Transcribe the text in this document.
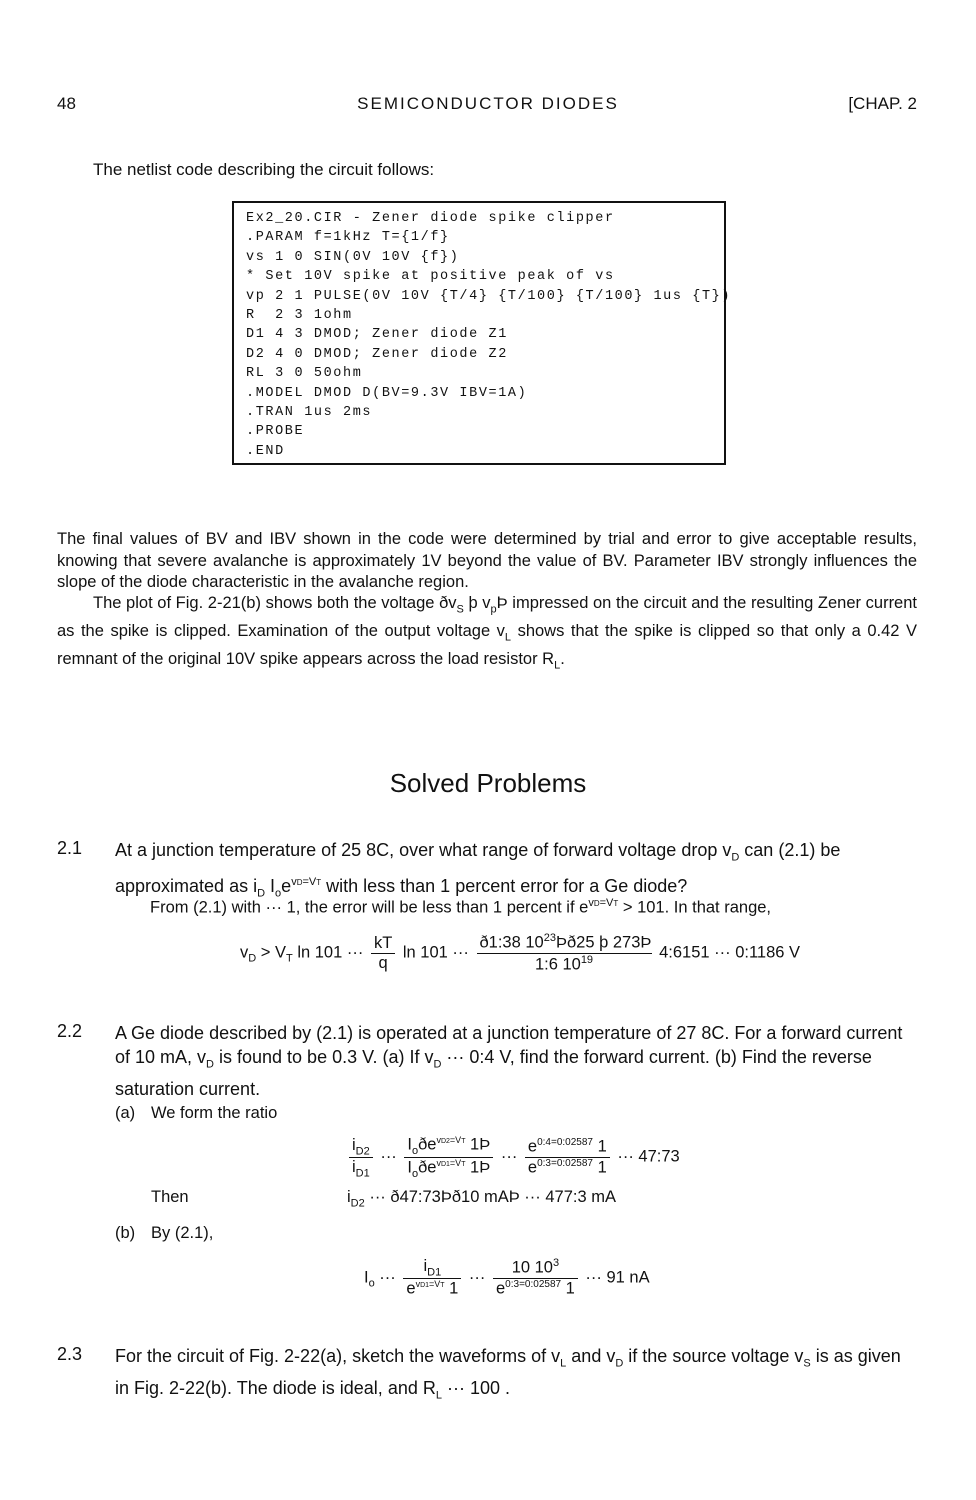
48	SEMICONDUCTOR DIODES	[CHAP. 2
The netlist code describing the circuit follows:
Ex2_20.CIR - Zener diode spike clipper
.PARAM f=1kHz T={1/f}
vs 1 0 SIN(0V 10V {f})
* Set 10V spike at positive peak of vs
vp 2 1 PULSE(0V 10V {T/4} {T/100} {T/100} 1us {T})
R  2 3 1ohm
D1 4 3 DMOD; Zener diode Z1
D2 4 0 DMOD; Zener diode Z2
RL 3 0 50ohm
.MODEL DMOD D(BV=9.3V IBV=1A)
.TRAN 1us 2ms
.PROBE
.END
The final values of BV and IBV shown in the code were determined by trial and error to give acceptable results, knowing that severe avalanche is approximately 1V beyond the value of BV. Parameter IBV strongly influences the slope of the diode characteristic in the avalanche region.
The plot of Fig. 2-21(b) shows both the voltage $ðv_S$ þ $v_pÞ$ impressed on the circuit and the resulting Zener current as the spike is clipped. Examination of the output voltage $v_L$ shows that the spike is clipped so that only a 0.42 V remnant of the original 10V spike appears across the load resistor $R_L$.
Solved Problems
2.1 At a junction temperature of 25 8C, over what range of forward voltage drop $v_D$ can (2.1) be approximated as $i_D$ $I_oe^{vD=VT}$ with less than 1 percent error for a Ge diode?
From (2.1) with ··· 1, the error will be less than 1 percent if $e^{vD=VT} > 101$. In that range,
$v_D > V_T$ ln 101 ··· $\frac{kT}{q}$ ln 101 ··· $\frac{ð1:38 10^{23}Þð25 þ 273Þ}{1:6 10^{19}}$ 4:6151 ··· 0:1186 V
2.2 A Ge diode described by (2.1) is operated at a junction temperature of 27 8C. For a forward current of 10 mA, $v_D$ is found to be 0.3 V. (a) If $v_D$ ··· 0:4 V, find the forward current. (b) Find the reverse saturation current.
(a) We form the ratio
$\frac{i_{D2}}{i_{D1}}$ ··· $\frac{I_oðe^{vD2=VT} 1Þ}{I_oðe^{vD1=VT} 1Þ}$ ··· $\frac{e^{0:4=0:02587} 1}{e^{0:3=0:02587} 1}$ ··· 47:73
Then	$i_{D2}$ ··· ð47:73Þð10 mAÞ ··· 477:3 mA
(b) By (2.1),
$I_o$ ··· $\frac{i_{D1}}{e^{vD1=VT} 1}$ ··· $\frac{10 10^3}{e^{0:3=0:02587} 1}$ ··· 91 nA
2.3 For the circuit of Fig. 2-22(a), sketch the waveforms of $v_L$ and $v_D$ if the source voltage $v_S$ is as given in Fig. 2-22(b). The diode is ideal, and $R_L$ ··· 100 .
